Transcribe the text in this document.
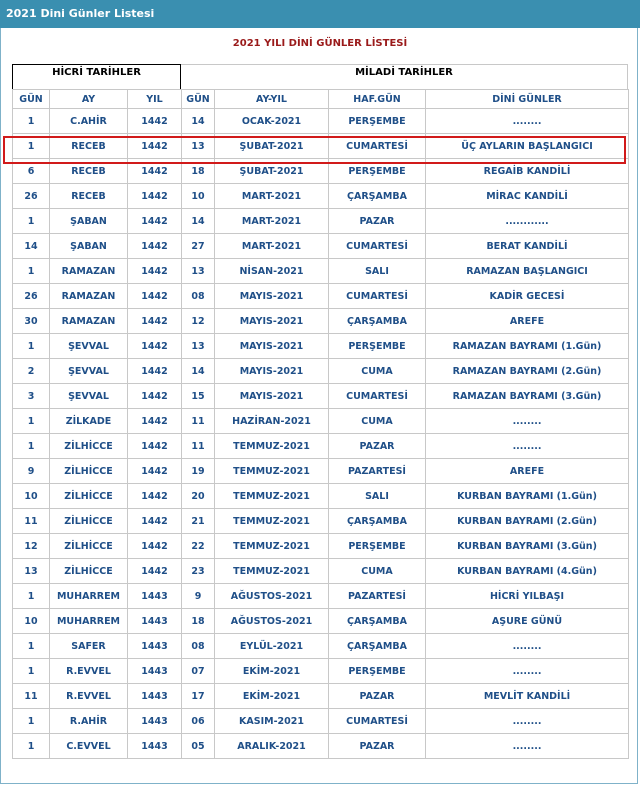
2021 Dini Günler Listesi
2021 YILI DİNİ GÜNLER LİSTESİ
HİCRİ TARİHLER	MİLADİ TARİHLER
GÜN	AY	YIL	GÜN	AY-YIL	HAF.GÜN	DİNİ GÜNLER
1	C.AHİR	1442	14	OCAK-2021	PERŞEMBE	........
1	RECEB	1442	13	ŞUBAT-2021	CUMARTESİ	ÜÇ AYLARIN BAŞLANGICI
6	RECEB	1442	18	ŞUBAT-2021	PERŞEMBE	REGAİB KANDİLİ
26	RECEB	1442	10	MART-2021	ÇARŞAMBA	MİRAC KANDİLİ
1	ŞABAN	1442	14	MART-2021	PAZAR	............
14	ŞABAN	1442	27	MART-2021	CUMARTESİ	BERAT KANDİLİ
1	RAMAZAN	1442	13	NİSAN-2021	SALI	RAMAZAN BAŞLANGICI
26	RAMAZAN	1442	08	MAYIS-2021	CUMARTESİ	KADİR GECESİ
30	RAMAZAN	1442	12	MAYIS-2021	ÇARŞAMBA	AREFE
1	ŞEVVAL	1442	13	MAYIS-2021	PERŞEMBE	RAMAZAN BAYRAMI (1.Gün)
2	ŞEVVAL	1442	14	MAYIS-2021	CUMA	RAMAZAN BAYRAMI (2.Gün)
3	ŞEVVAL	1442	15	MAYIS-2021	CUMARTESİ	RAMAZAN BAYRAMI (3.Gün)
1	ZİLKADE	1442	11	HAZİRAN-2021	CUMA	........
1	ZİLHİCCE	1442	11	TEMMUZ-2021	PAZAR	........
9	ZİLHİCCE	1442	19	TEMMUZ-2021	PAZARTESİ	AREFE
10	ZİLHİCCE	1442	20	TEMMUZ-2021	SALI	KURBAN BAYRAMI (1.Gün)
11	ZİLHİCCE	1442	21	TEMMUZ-2021	ÇARŞAMBA	KURBAN BAYRAMI (2.Gün)
12	ZİLHİCCE	1442	22	TEMMUZ-2021	PERŞEMBE	KURBAN BAYRAMI (3.Gün)
13	ZİLHİCCE	1442	23	TEMMUZ-2021	CUMA	KURBAN BAYRAMI (4.Gün)
1	MUHARREM	1443	9	AĞUSTOS-2021	PAZARTESİ	HİCRİ YILBAŞI
10	MUHARREM	1443	18	AĞUSTOS-2021	ÇARŞAMBA	AŞURE GÜNÜ
1	SAFER	1443	08	EYLÜL-2021	ÇARŞAMBA	........
1	R.EVVEL	1443	07	EKİM-2021	PERŞEMBE	........
11	R.EVVEL	1443	17	EKİM-2021	PAZAR	MEVLİT KANDİLİ
1	R.AHİR	1443	06	KASIM-2021	CUMARTESİ	........
1	C.EVVEL	1443	05	ARALIK-2021	PAZAR	........
